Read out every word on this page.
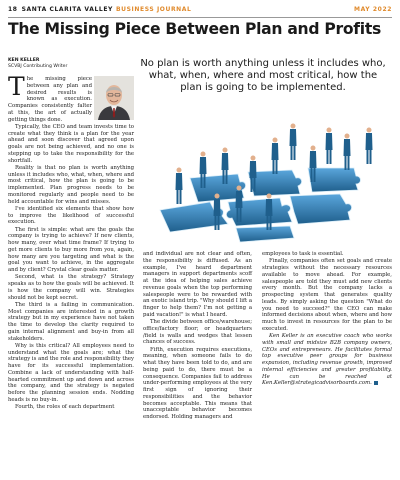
18 SANTA CLARITA VALLEY BUSINESS JOURNAL	MAY 2022
The Missing Piece Between Plan and Profits
KEN KELLER
SCVBJ Contributing Writer	No plan is worth anything unless it includes who, what, when, where and most critical, how the plan is going to be implemented.

The missing piece between any plan and desired results is known as execution. Companies consistently falter at this, the art of actually getting things done.

Typically, the CEO and team invests time to create what they think is a plan for the year ahead and soon discover that agreed upon goals are not being achieved, and no one is stepping up to take the responsibility for the shortfall.

Reality is that no plan is worth anything unless it includes who, what, when, where and most critical, how the plan is going to be implemented. Plan progress needs to be monitored regularly and people need to be held accountable for wins and misses.

I've identified six elements that show how to improve the likelihood of successful execution.

The first is simple: what are the goals the company is trying to achieve? If new clients, how many, over what time frame? If trying to get more clients to buy more from you, again, how many are you targeting and what is the goal you want to achieve, in the aggregate and by client? Crystal clear goals matter.

Second, what is the strategy? Strategy speaks as to how the goals will be achieved. It is how the company will win. Strategies should not be kept secret.

The third is a failing in communication. Most companies are interested in a growth strategy but in my experience have not taken the time to develop the clarity required to gain internal alignment and buy-in from all stakeholders.

Why is this critical? All employees need to understand what the goals are; what the strategy is and the role and responsibility they have for its successful implementation. Combine a lack of understanding with half-hearted commitment up and down and across the company, and the strategy is negated before the planning session ends. Nodding heads is no buy-in.

Fourth, the roles of each department

and individual are not clear and often, the responsibility is diffused. As an example, I've heard department managers in support departments scoff at the idea of helping sales achieve revenue goals when the top performing salespeople were to be rewarded with an exotic island trip. "Why should I lift a finger to help them? I'm not getting a paid vacation!" is what I heard.

The divide between office/warehouse; office/factory floor; or headquarters /field is walls and wedges that lessen chances of success.

Fifth, execution requires executions, meaning, when someone fails to do what they have been told to do, and are being paid to do, there must be a consequence. Companies fail to address under-performing employees at the very first sign of ignoring their responsibilities and the behavior becomes acceptable. This means that unacceptable behavior becomes endorsed. Holding managers and

employees to task is essential.

Finally, companies often set goals and create strategies without the necessary resources available to move ahead. For example, salespeople are told they must add new clients every month. But the company lacks a prospecting system that generates quality leads. By simply asking the question "What do you need to succeed?" the CEO can make informed decisions about when, where and how much to invest in resources for the plan to be executed.

Ken Keller is an executive coach who works with small and midsize B2B company owners, CEOs and entrepreneurs. He facilitates formal top executive peer groups for business expansion, including revenue growth, improved internal efficiencies and greater profitability. He can be reached at Ken.Keller@strategicadvisorboards.com.
